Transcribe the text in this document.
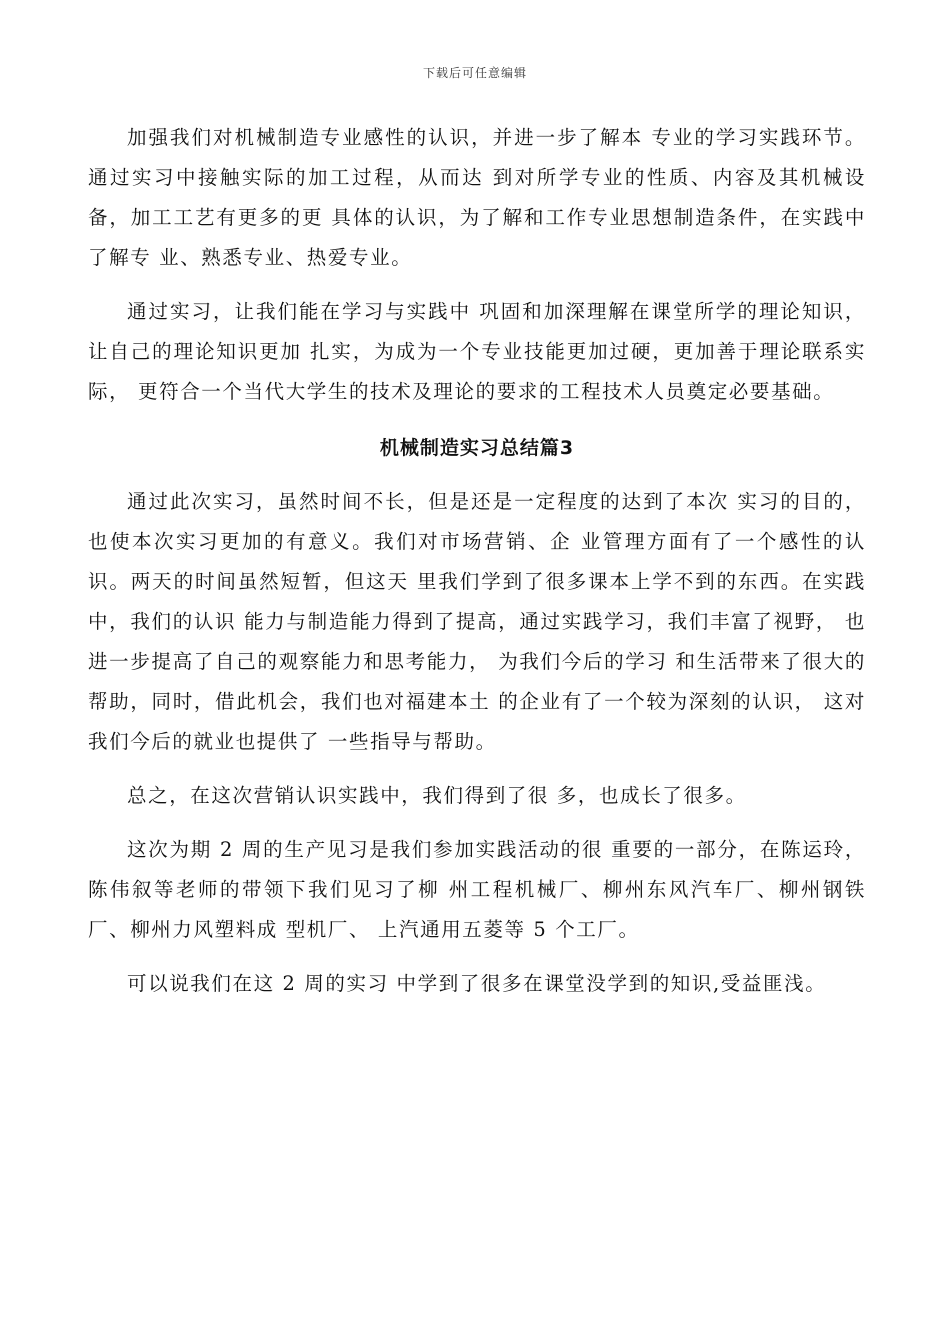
下载后可任意编辑

加强我们对机械制造专业感性的认识，并进一步了解本 专业的学习实践环节。通过实习中接触实际的加工过程，从而达 到对所学专业的性质、内容及其机械设备，加工工艺有更多的更 具体的认识，为了解和工作专业思想制造条件，在实践中了解专 业、熟悉专业、热爱专业。

通过实习，让我们能在学习与实践中 巩固和加深理解在课堂所学的理论知识， 让自己的理论知识更加 扎实，为成为一个专业技能更加过硬，更加善于理论联系实际， 更符合一个当代大学生的技术及理论的要求的工程技术人员奠定必要基础。

机械制造实习总结篇3

通过此次实习，虽然时间不长，但是还是一定程度的达到了本次 实习的目的，也使本次实习更加的有意义。我们对市场营销、企 业管理方面有了一个感性的认识。两天的时间虽然短暂，但这天 里我们学到了很多课本上学不到的东西。在实践中，我们的认识 能力与制造能力得到了提高，通过实践学习，我们丰富了视野， 也进一步提高了自己的观察能力和思考能力， 为我们今后的学习 和生活带来了很大的帮助，同时，借此机会，我们也对福建本土 的企业有了一个较为深刻的认识， 这对我们今后的就业也提供了 一些指导与帮助。

总之，在这次营销认识实践中，我们得到了很 多，也成长了很多。

这次为期 2 周的生产见习是我们参加实践活动的很 重要的一部分，在陈运玲，陈伟叙等老师的带领下我们见习了柳 州工程机械厂、柳州东风汽车厂、柳州钢铁厂、柳州力风塑料成 型机厂、 上汽通用五菱等 5 个工厂。

可以说我们在这 2 周的实习 中学到了很多在课堂没学到的知识,受益匪浅。
